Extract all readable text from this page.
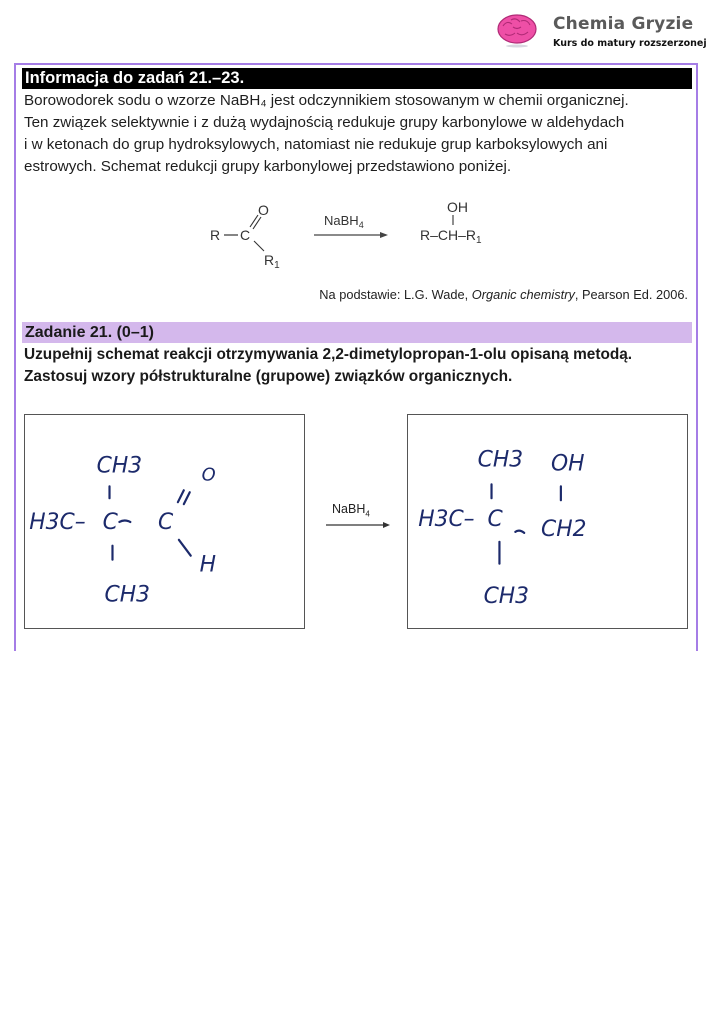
Chemia Gryzie
Kurs do matury rozszerzonej
Informacja do zadań 21.–23.

Borowodorek sodu o wzorze NaBH₄ jest odczynnikiem stosowanym w chemii organicznej.

Ten związek selektywnie i z dużą wydajnością redukuje grupy karbonylowe w aldehydach

i w ketonach do grup hydroksylowych, natomiast nie redukuje grup karboksylowych ani

estrowych. Schemat redukcji grupy karbonylowej przedstawiono poniżej.

R C
O
$R_1$
NaBH$_4$
OH
$R-CH-R_1$
Na podstawie: L.G. Wade, Organic chemistry, Pearson Ed. 2006.
Zadanie 21. (0–1)

Uzupełnij schemat reakcji otrzymywania 2,2-dimetylopropan-1-olu opisaną metodą.

Zastosuj wzory półstrukturalne (grupowe) związków organicznych.

CH3
H3C– C C
O
H
CH3
NaBH$_4$
CH3 OH
H3C– C CH2
CH3
